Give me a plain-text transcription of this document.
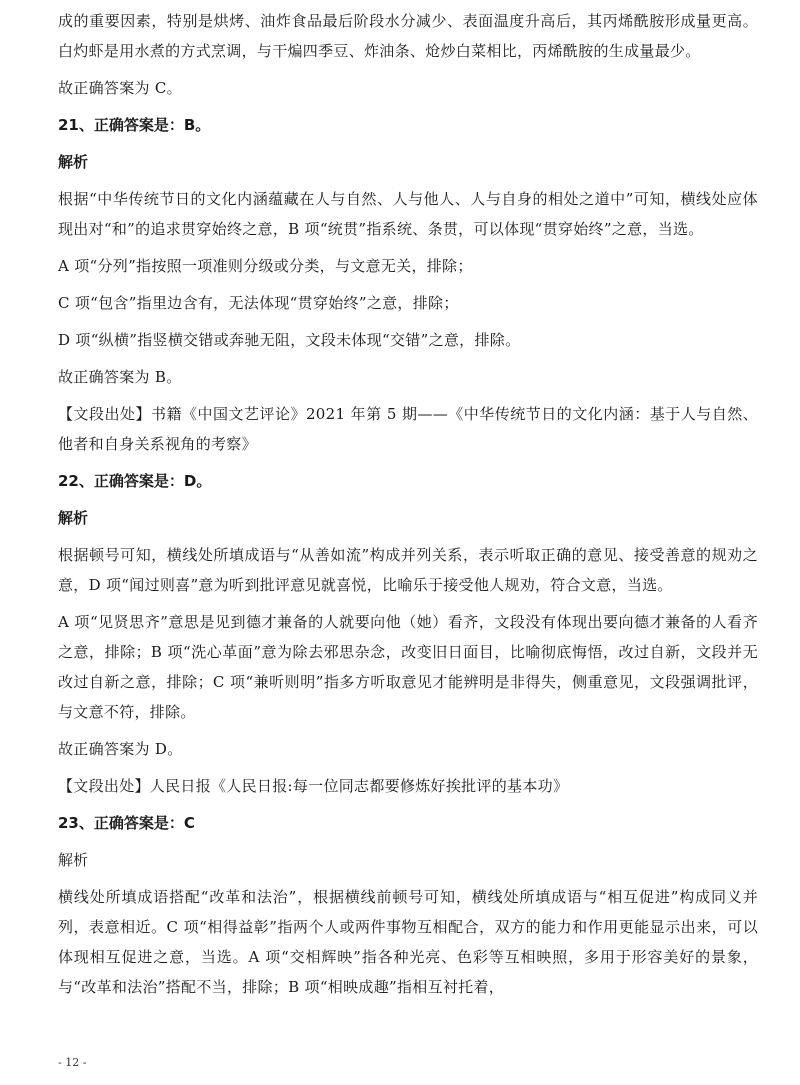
成的重要因素，特别是烘烤、油炸食品最后阶段水分减少、表面温度升高后，其丙烯酰胺形成量更高。白灼虾是用水煮的方式烹调，与干煸四季豆、炸油条、炝炒白菜相比，丙烯酰胺的生成量最少。

故正确答案为 C。

21、正确答案是：B。

解析

根据“中华传统节日的文化内涵蕴藏在人与自然、人与他人、人与自身的相处之道中”可知，横线处应体现出对“和”的追求贯穿始终之意，B 项“统贯”指系统、条贯，可以体现“贯穿始终”之意，当选。

A 项“分列”指按照一项准则分级或分类，与文意无关，排除；

C 项“包含”指里边含有，无法体现“贯穿始终”之意，排除；

D 项“纵横”指竖横交错或奔驰无阻，文段未体现“交错”之意，排除。

故正确答案为 B。

【文段出处】书籍《中国文艺评论》2021 年第 5 期——《中华传统节日的文化内涵：基于人与自然、他者和自身关系视角的考察》

22、正确答案是：D。

解析

根据顿号可知，横线处所填成语与“从善如流”构成并列关系，表示听取正确的意见、接受善意的规劝之意，D 项“闻过则喜”意为听到批评意见就喜悦，比喻乐于接受他人规劝，符合文意，当选。

A 项“见贤思齐”意思是见到德才兼备的人就要向他（她）看齐，文段没有体现出要向德才兼备的人看齐之意，排除；B 项“洗心革面”意为除去邪思杂念，改变旧日面目，比喻彻底悔悟，改过自新，文段并无改过自新之意，排除；C 项“兼听则明”指多方听取意见才能辨明是非得失，侧重意见，文段强调批评，与文意不符，排除。

故正确答案为 D。

【文段出处】人民日报《人民日报:每一位同志都要修炼好挨批评的基本功》

23、正确答案是：C

解析

横线处所填成语搭配“改革和法治”，根据横线前顿号可知，横线处所填成语与“相互促进”构成同义并列，表意相近。C 项“相得益彰”指两个人或两件事物互相配合，双方的能力和作用更能显示出来，可以体现相互促进之意，当选。A 项“交相辉映”指各种光亮、色彩等互相映照，多用于形容美好的景象，与“改革和法治”搭配不当，排除；B 项“相映成趣”指相互衬托着，

- 12 -
